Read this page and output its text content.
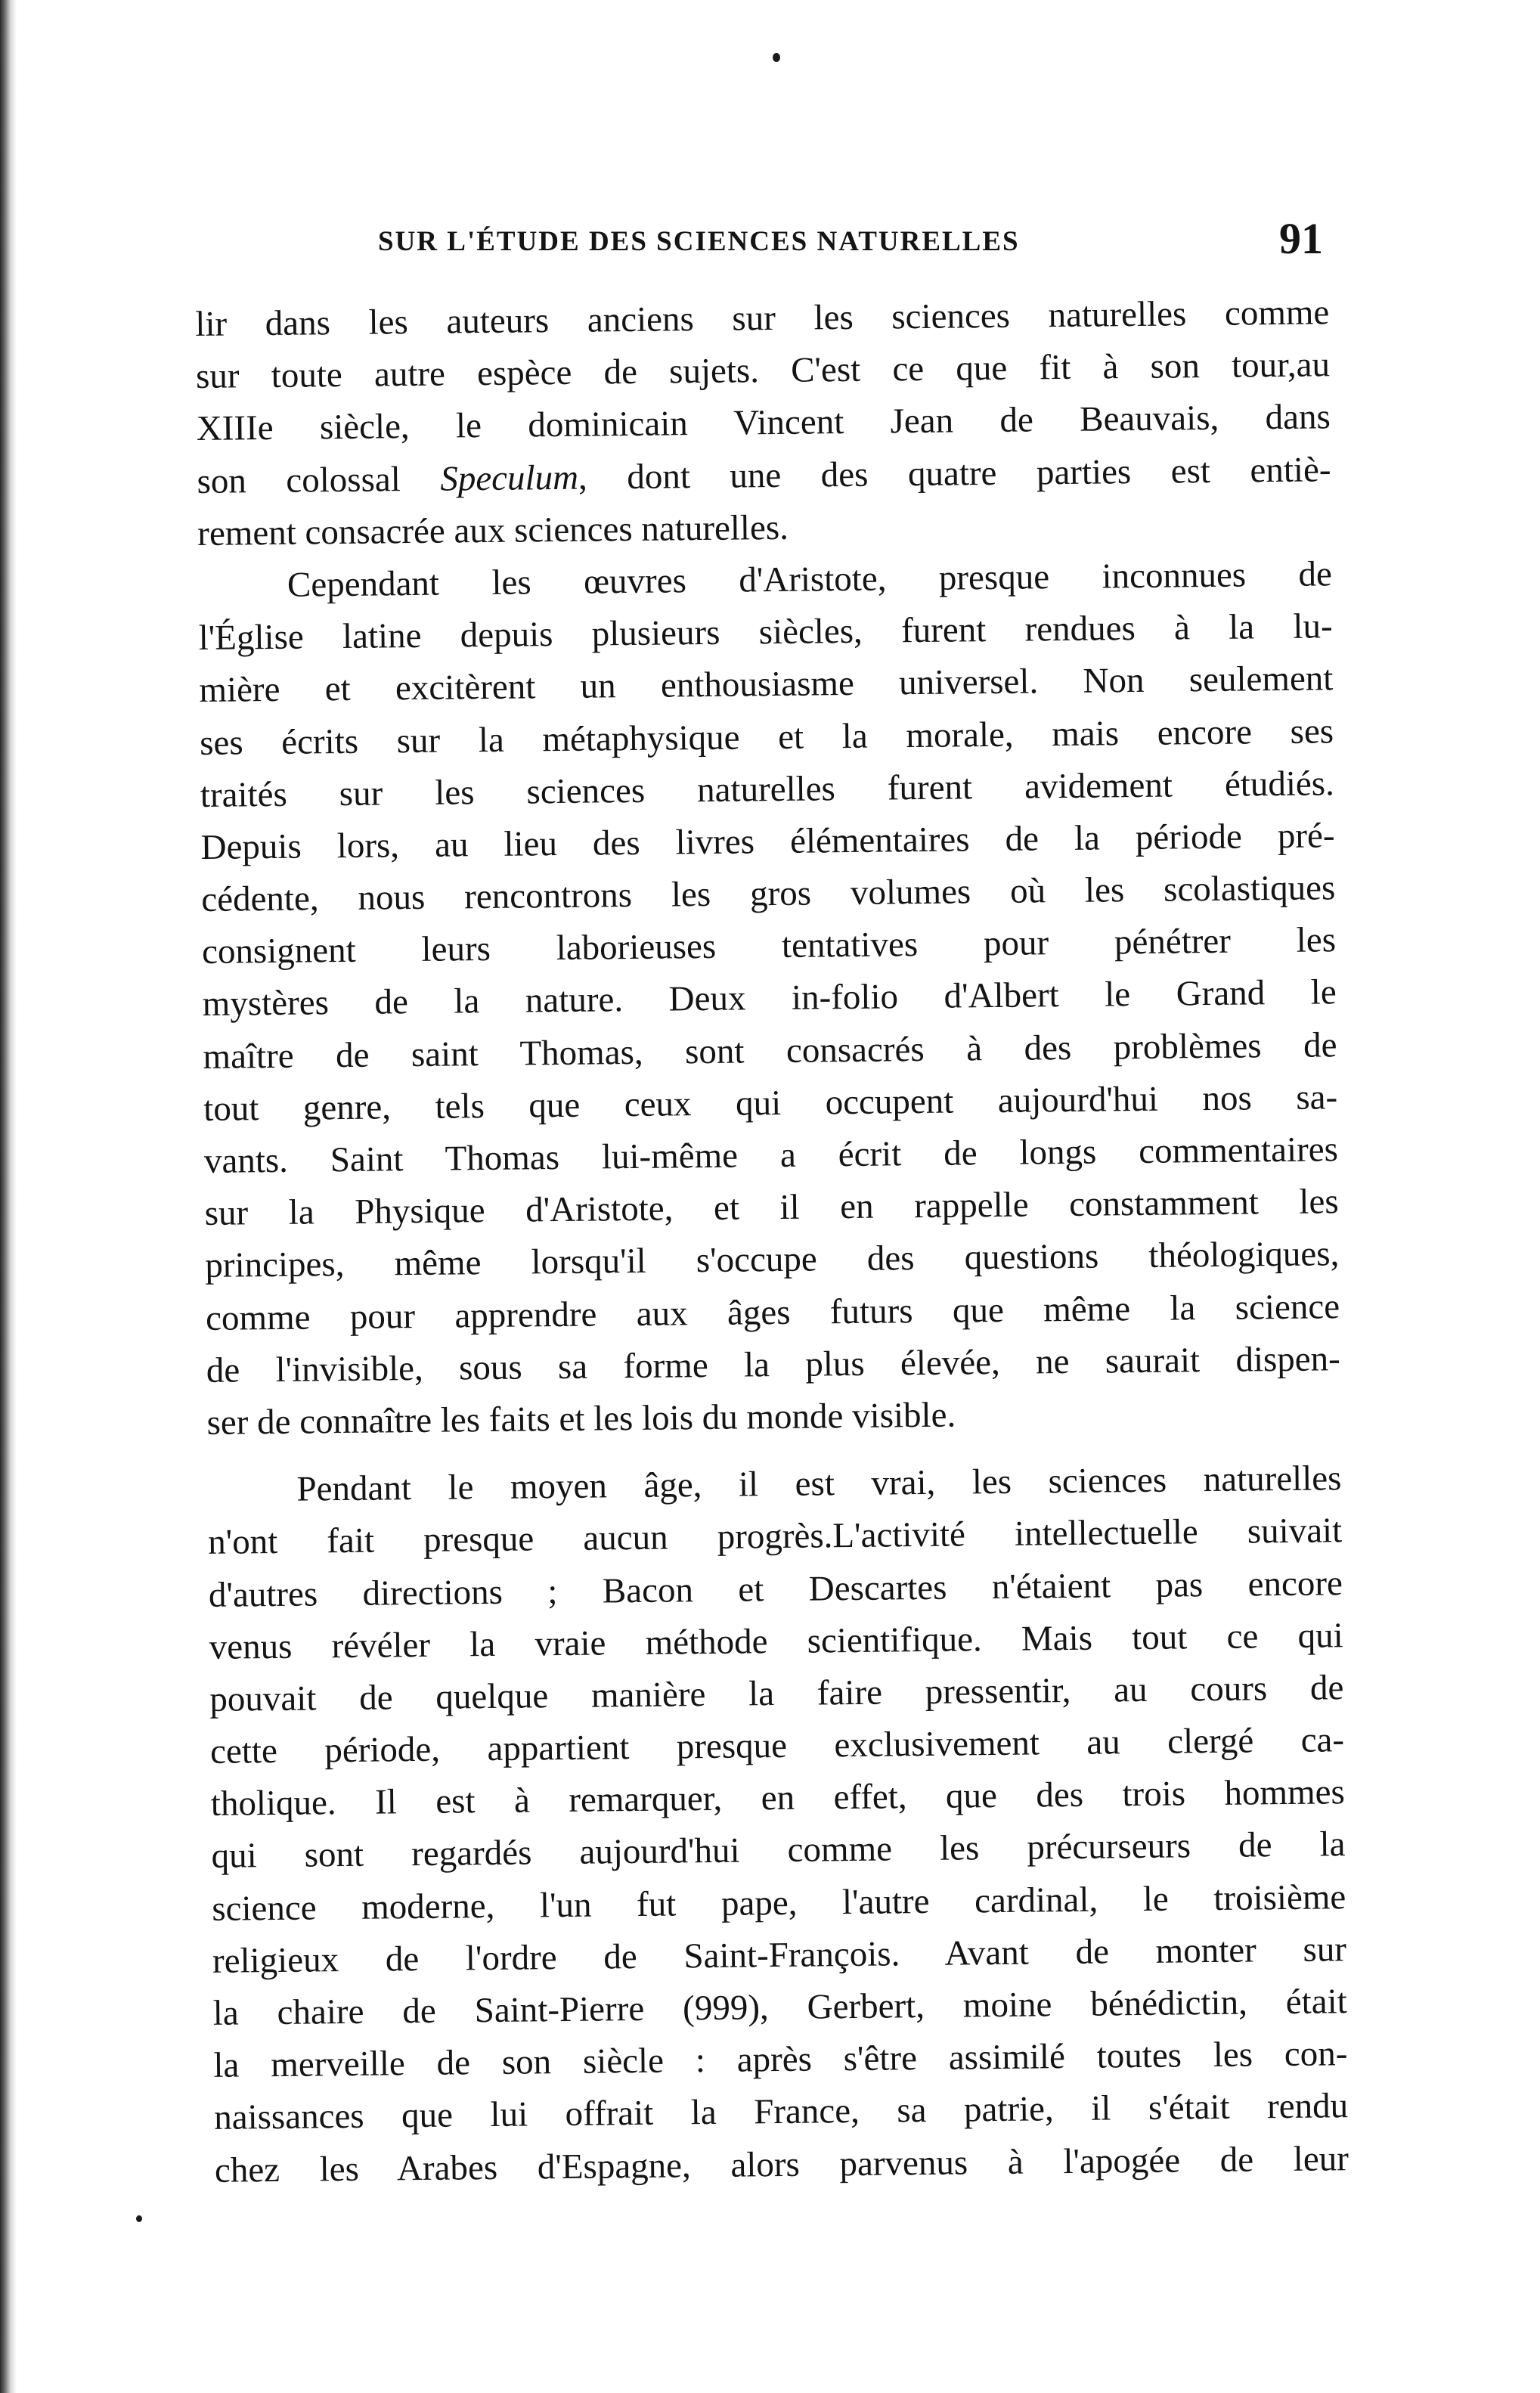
SUR L'ÉTUDE DES SCIENCES NATURELLES	91
lir dans les auteurs anciens sur les sciences naturelles comme
sur toute autre espèce de sujets. C'est ce que fit à son tour,au
XIIIe siècle, le dominicain Vincent Jean de Beauvais, dans
son colossal Speculum, dont une des quatre parties est entiè-
rement consacrée aux sciences naturelles.
Cependant les œuvres d'Aristote, presque inconnues de
l'Église latine depuis plusieurs siècles, furent rendues à la lu-
mière et excitèrent un enthousiasme universel. Non seulement
ses écrits sur la métaphysique et la morale, mais encore ses
traités sur les sciences naturelles furent avidement étudiés.
Depuis lors, au lieu des livres élémentaires de la période pré-
cédente, nous rencontrons les gros volumes où les scolastiques
consignent leurs laborieuses tentatives pour pénétrer les
mystères de la nature. Deux in-folio d'Albert le Grand le
maître de saint Thomas, sont consacrés à des problèmes de
tout genre, tels que ceux qui occupent aujourd'hui nos sa-
vants. Saint Thomas lui-même a écrit de longs commentaires
sur la Physique d'Aristote, et il en rappelle constamment les
principes, même lorsqu'il s'occupe des questions théologiques,
comme pour apprendre aux âges futurs que même la science
de l'invisible, sous sa forme la plus élevée, ne saurait dispen-
ser de connaître les faits et les lois du monde visible.
Pendant le moyen âge, il est vrai, les sciences naturelles
n'ont fait presque aucun progrès.L'activité intellectuelle suivait
d'autres directions ; Bacon et Descartes n'étaient pas encore
venus révéler la vraie méthode scientifique. Mais tout ce qui
pouvait de quelque manière la faire pressentir, au cours de
cette période, appartient presque exclusivement au clergé ca-
tholique. Il est à remarquer, en effet, que des trois hommes
qui sont regardés aujourd'hui comme les précurseurs de la
science moderne, l'un fut pape, l'autre cardinal, le troisième
religieux de l'ordre de Saint-François. Avant de monter sur
la chaire de Saint-Pierre (999), Gerbert, moine bénédictin, était
la merveille de son siècle : après s'être assimilé toutes les con-
naissances que lui offrait la France, sa patrie, il s'était rendu
chez les Arabes d'Espagne, alors parvenus à l'apogée de leur
